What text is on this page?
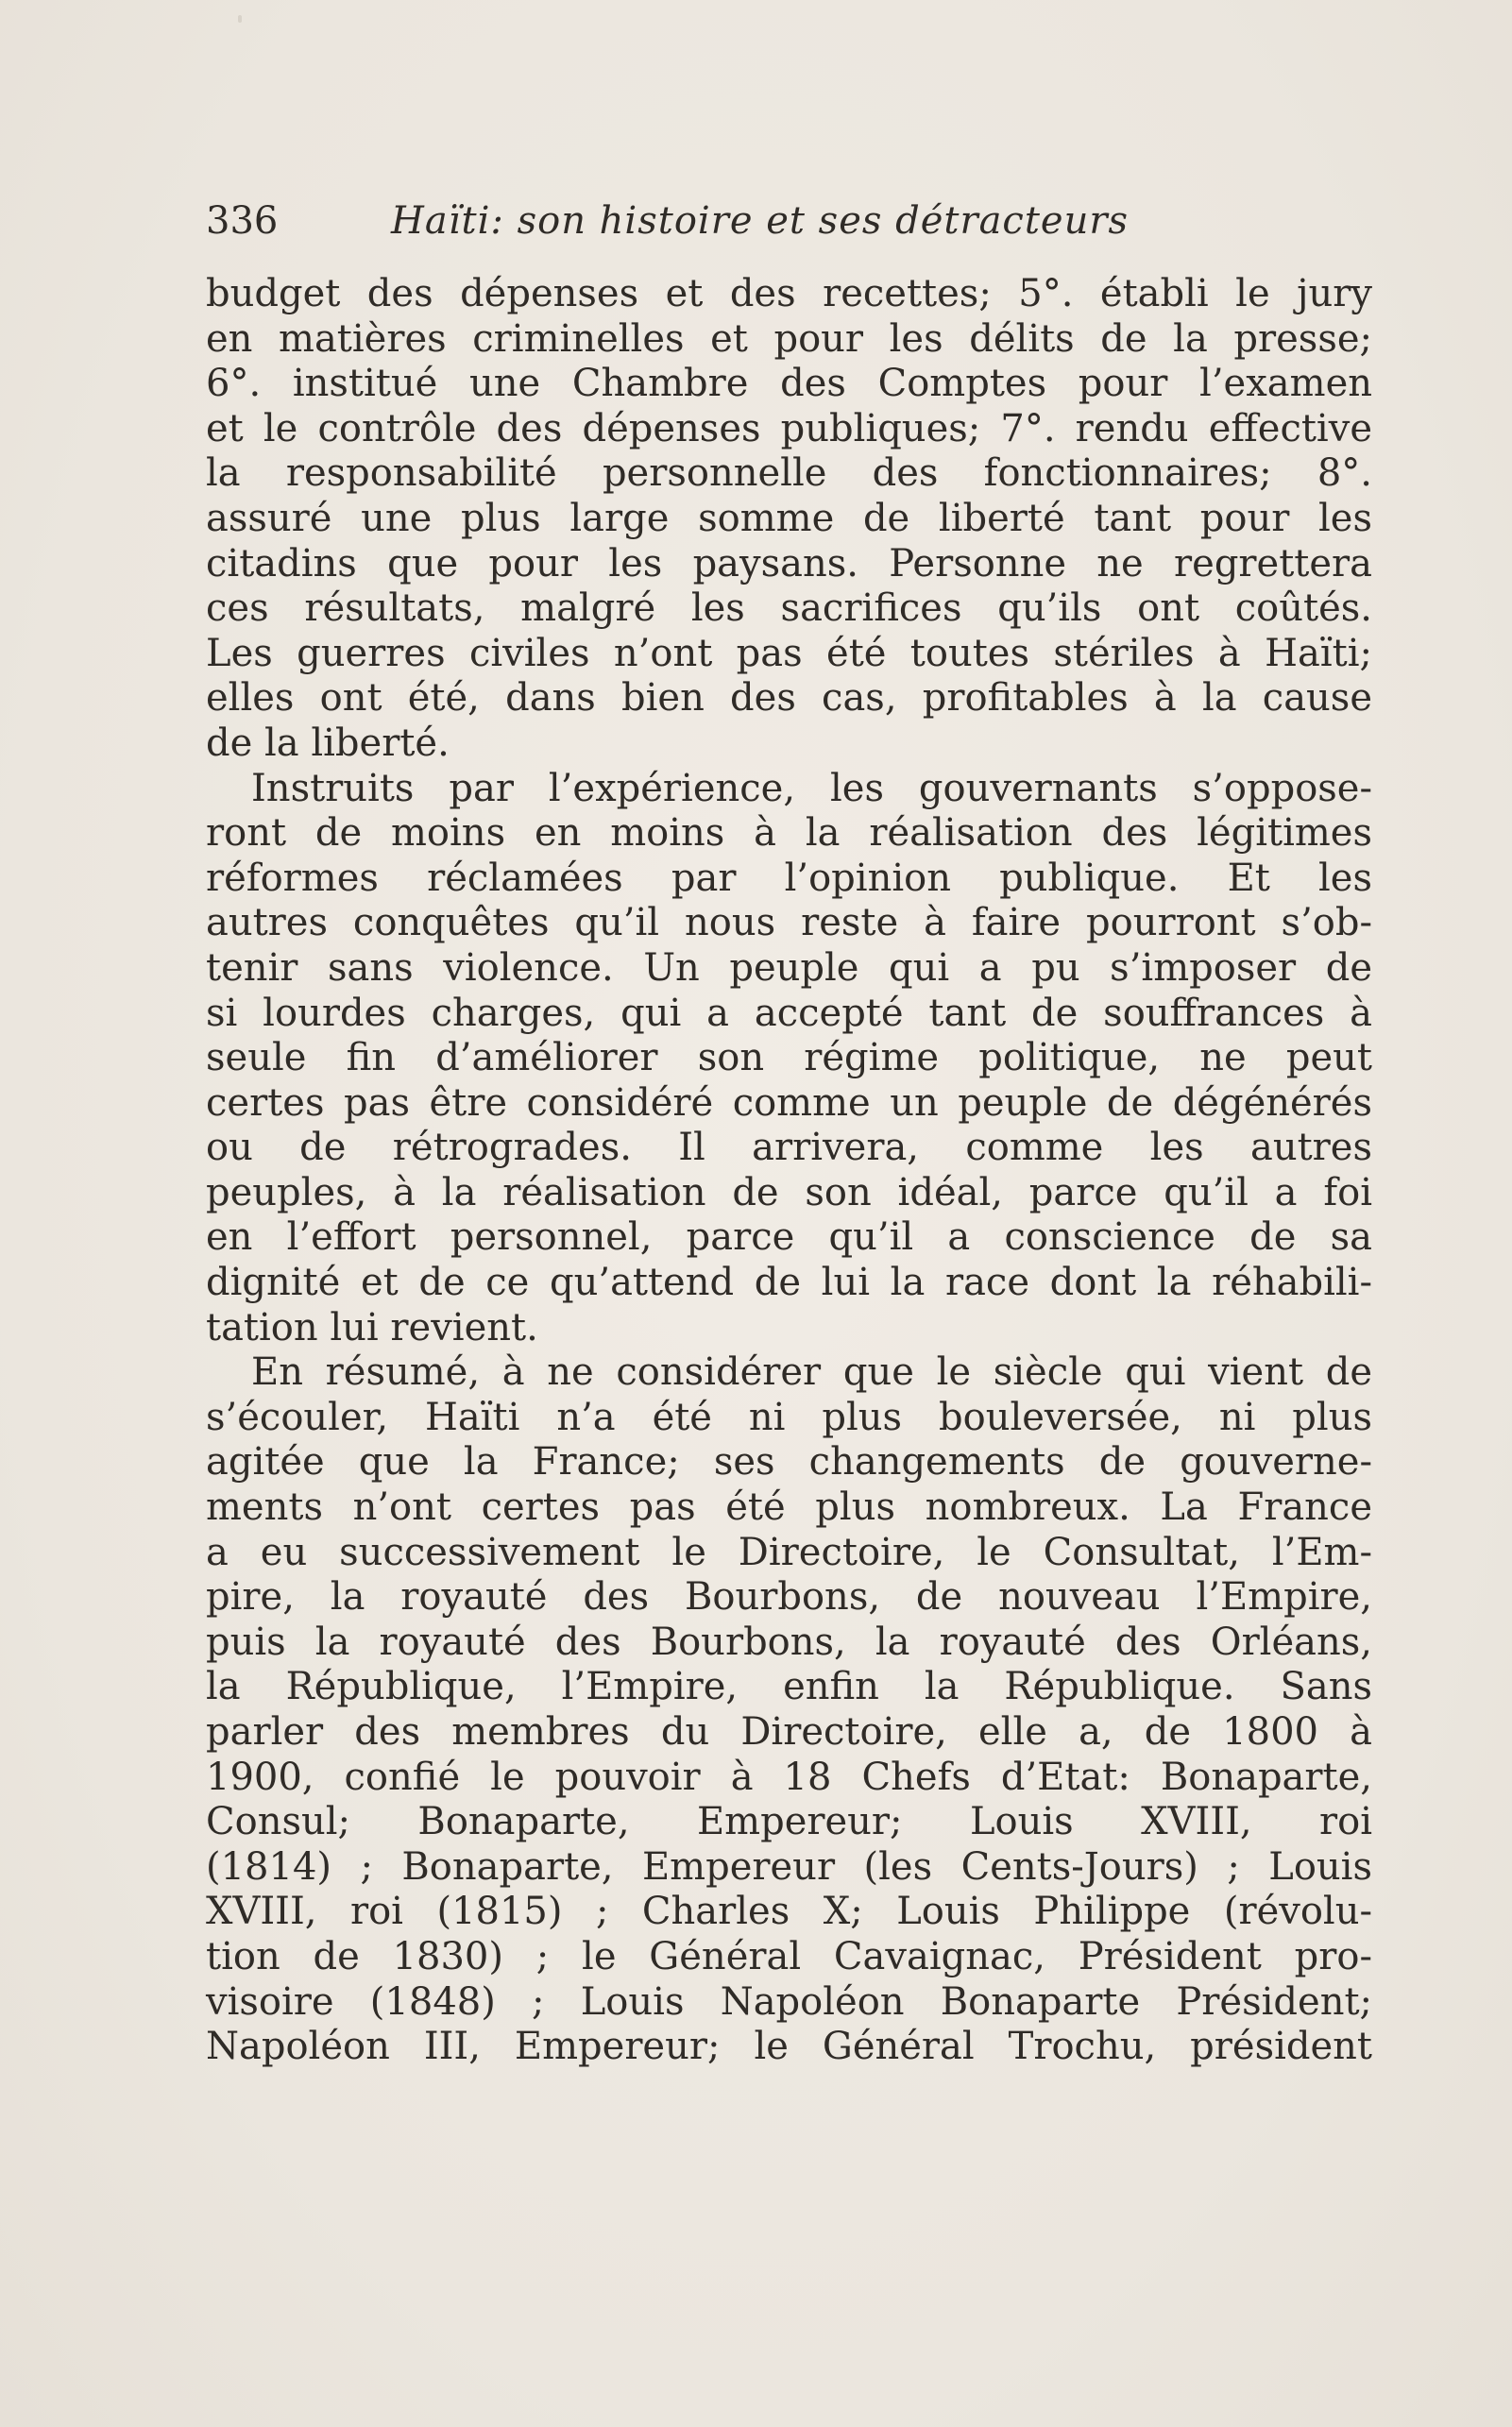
336	Haïti: son histoire et ses détracteurs
budget des dépenses et des recettes; 5°. établi le jury
en matières criminelles et pour les délits de la presse;
6°. institué une Chambre des Comptes pour l’examen
et le contrôle des dépenses publiques; 7°. rendu effective
la responsabilité personnelle des fonctionnaires; 8°.
assuré une plus large somme de liberté tant pour les
citadins que pour les paysans. Personne ne regrettera
ces résultats, malgré les sacrifices qu’ils ont coûtés.
Les guerres civiles n’ont pas été toutes stériles à Haïti;
elles ont été, dans bien des cas, profitables à la cause
de la liberté.
Instruits par l’expérience, les gouvernants s’oppose-
ront de moins en moins à la réalisation des légitimes
réformes réclamées par l’opinion publique. Et les
autres conquêtes qu’il nous reste à faire pourront s’ob-
tenir sans violence. Un peuple qui a pu s’imposer de
si lourdes charges, qui a accepté tant de souffrances à
seule fin d’améliorer son régime politique, ne peut
certes pas être considéré comme un peuple de dégénérés
ou de rétrogrades. Il arrivera, comme les autres
peuples, à la réalisation de son idéal, parce qu’il a foi
en l’effort personnel, parce qu’il a conscience de sa
dignité et de ce qu’attend de lui la race dont la réhabili-
tation lui revient.
En résumé, à ne considérer que le siècle qui vient de
s’écouler, Haïti n’a été ni plus bouleversée, ni plus
agitée que la France; ses changements de gouverne-
ments n’ont certes pas été plus nombreux. La France
a eu successivement le Directoire, le Consultat, l’Em-
pire, la royauté des Bourbons, de nouveau l’Empire,
puis la royauté des Bourbons, la royauté des Orléans,
la République, l’Empire, enfin la République. Sans
parler des membres du Directoire, elle a, de 1800 à
1900, confié le pouvoir à 18 Chefs d’Etat: Bonaparte,
Consul; Bonaparte, Empereur; Louis XVIII, roi
(1814) ; Bonaparte, Empereur (les Cents-Jours) ; Louis
XVIII, roi (1815) ; Charles X; Louis Philippe (révolu-
tion de 1830) ; le Général Cavaignac, Président pro-
visoire (1848) ; Louis Napoléon Bonaparte Président;
Napoléon III, Empereur; le Général Trochu, président
